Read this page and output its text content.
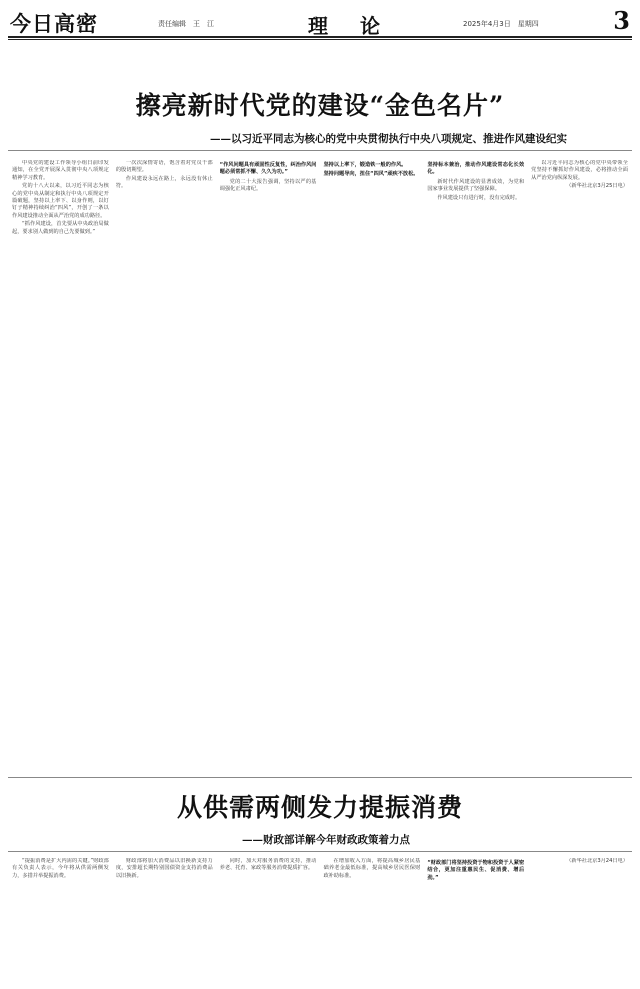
今日高密	责任编辑　王　江	理　论	2025年4月3日　星期四	3
擦亮新时代党的建设“金色名片”
——以习近平同志为核心的党中央贯彻执行中央八项规定、推进作风建设纪实

中央党的建设工作领导小组日前印发通知，在全党开展深入贯彻中央八项规定精神学习教育。

党的十八大以来，以习近平同志为核心的党中央从制定和执行中央八项规定开篇破题，坚持以上率下、以身作则，以钉钉子精神持续纠治“四风”，开创了一条以作风建设推动全面从严治党的成功路径。

“抓作风建设，首先要从中央政治局做起，要求别人做到的自己先要做到。”

一次次深情寄语，饱含着对党员干部的殷切期望。

作风建设永远在路上，永远没有休止符。

“作风问题具有顽固性反复性，纠治作风问题必须常抓不懈、久久为功。”

党的二十大报告强调，坚持以严的基调强化正风肃纪。

坚持以上率下，锻造铁一般的作风。

坚持问题导向，扭住“四风”顽疾不放松。

坚持标本兼治，推动作风建设常态化长效化。

新时代作风建设的显著成效，为党和国家事业发展提供了坚强保障。

作风建设只有进行时，没有完成时。

以习近平同志为核心的党中央带领全党坚持不懈抓好作风建设，必将推动全面从严治党向纵深发展。

（新华社北京3月25日电）

从供需两侧发力提振消费
——财政部详解今年财政政策着力点

“提振消费是扩大内需的关键。”财政部有关负责人表示，今年将从供需两侧发力，多措并举提振消费。

财政部将加大消费品以旧换新支持力度，安排超长期特别国债资金支持消费品以旧换新。

同时，加大对服务消费的支持，推动养老、托育、家政等服务消费提质扩容。

在增加收入方面，将提高城乡居民基础养老金最低标准，提高城乡居民医保财政补助标准。

“财政部门将坚持投资于物和投资于人紧密结合，更加注重惠民生、促消费、增后劲。”

（新华社北京3月24日电）
